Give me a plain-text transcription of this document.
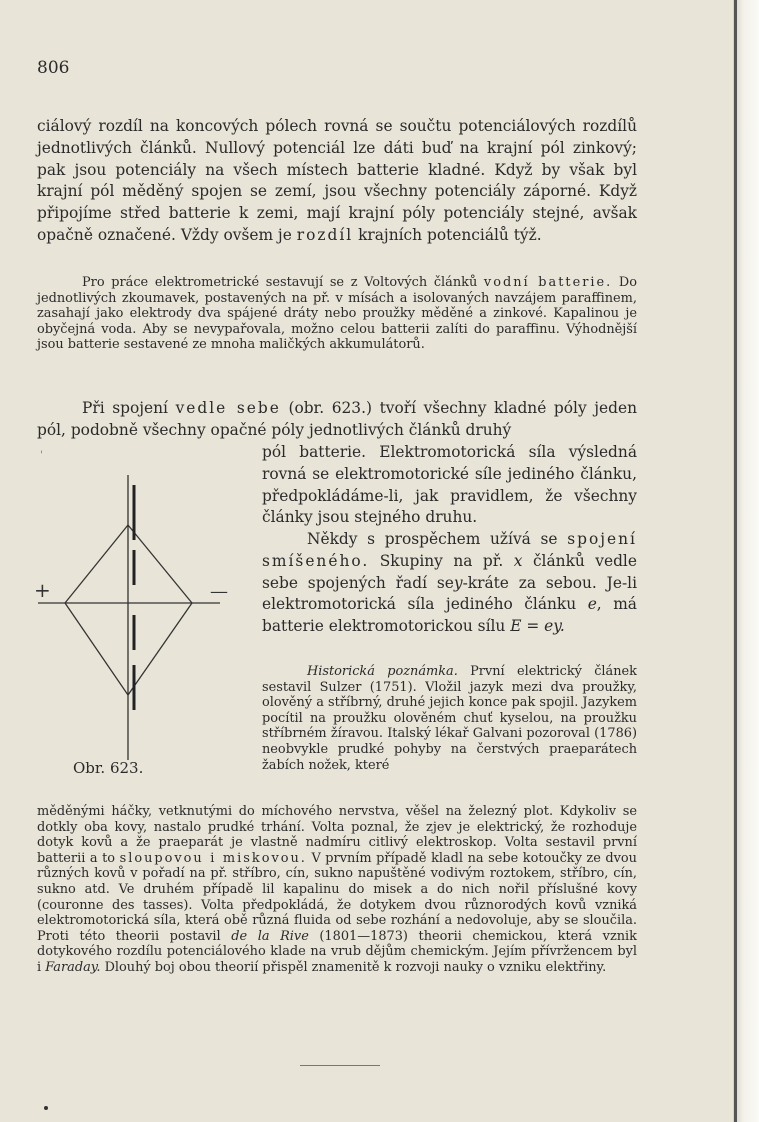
806

ciálový rozdíl na koncových pólech rovná se součtu potenciálových rozdílů jednotlivých článků. Nullový potenciál lze dáti buď na krajní pól zinkový; pak jsou potenciály na všech místech batterie kladné. Když by však byl krajní pól měděný spojen se zemí, jsou všechny potenciály záporné. Když připojíme střed batterie k zemi, mají krajní póly potenciály stejné, avšak opačně označené. Vždy ovšem je rozdíl krajních potenciálů týž.

Pro práce elektrometrické sestavují se z Voltových článků vodní batterie. Do jednotlivých zkoumavek, postavených na př. v mísách a isolovaných navzájem paraffinem, zasahají jako elektrody dva spájené dráty nebo proužky měděné a zinkové. Kapalinou je obyčejná voda. Aby se nevypařovala, možno celou batterii zalíti do paraffinu. Výhodnější jsou batterie sestavené ze mnoha maličkých akkumulátorů.

Při spojení vedle sebe (obr. 623.) tvoří všechny kladné póly jeden pól, podobně všechny opačné póly jednotlivých článků druhý

'	pól batterie. Elektromotorická síla výsledná rovná se elektromotorické síle jediného článku, předpokládáme-li, jak pravidlem, že všechny články jsou stejného druhu.

Někdy s prospěchem užívá se spojení smíšeného. Skupiny na př. x článků vedle sebe spojených řadí sey-kráte za sebou. Je-li elektromotorická síla jediného článku e, má batterie elektromotorickou sílu E = ey.

+	—
Obr. 623.

Historická poznámka. První elektrický článek sestavil Sulzer (1751). Vložil jazyk mezi dva proužky, olověný a stříbrný, druhé jejich konce pak spojil. Jazykem pocítil na proužku olověném chuť kyselou, na proužku stříbrném žíravou. Italský lékař Galvani pozoroval (1786) neobvykle prudké pohyby na čerstvých praeparátech žabích nožek, které

měděnými háčky, vetknutými do míchového nervstva, věšel na železný plot. Kdykoliv se dotkly oba kovy, nastalo prudké trhání. Volta poznal, že zjev je elektrický, že rozhoduje dotyk kovů a že praeparát je vlastně nadmíru citlivý elektroskop. Volta sestavil první batterii a to sloupovou i miskovou. V prvním případě kladl na sebe kotoučky ze dvou různých kovů v pořadí na př. stříbro, cín, sukno napuštěné vodivým roztokem, stříbro, cín, sukno atd. Ve druhém případě lil kapalinu do misek a do nich nořil příslušné kovy (couronne des tasses). Volta předpokládá, že dotykem dvou různorodých kovů vzniká elektromotorická síla, která obě různá fluida od sebe rozhání a nedovoluje, aby se sloučila. Proti této theorii postavil de la Rive (1801—1873) theorii chemickou, která vznik dotykového rozdílu potenciálového klade na vrub dějům chemickým. Jejím přívržencem byl i Faraday. Dlouhý boj obou theorií přispěl znamenitě k rozvoji nauky o vzniku elektřiny.
